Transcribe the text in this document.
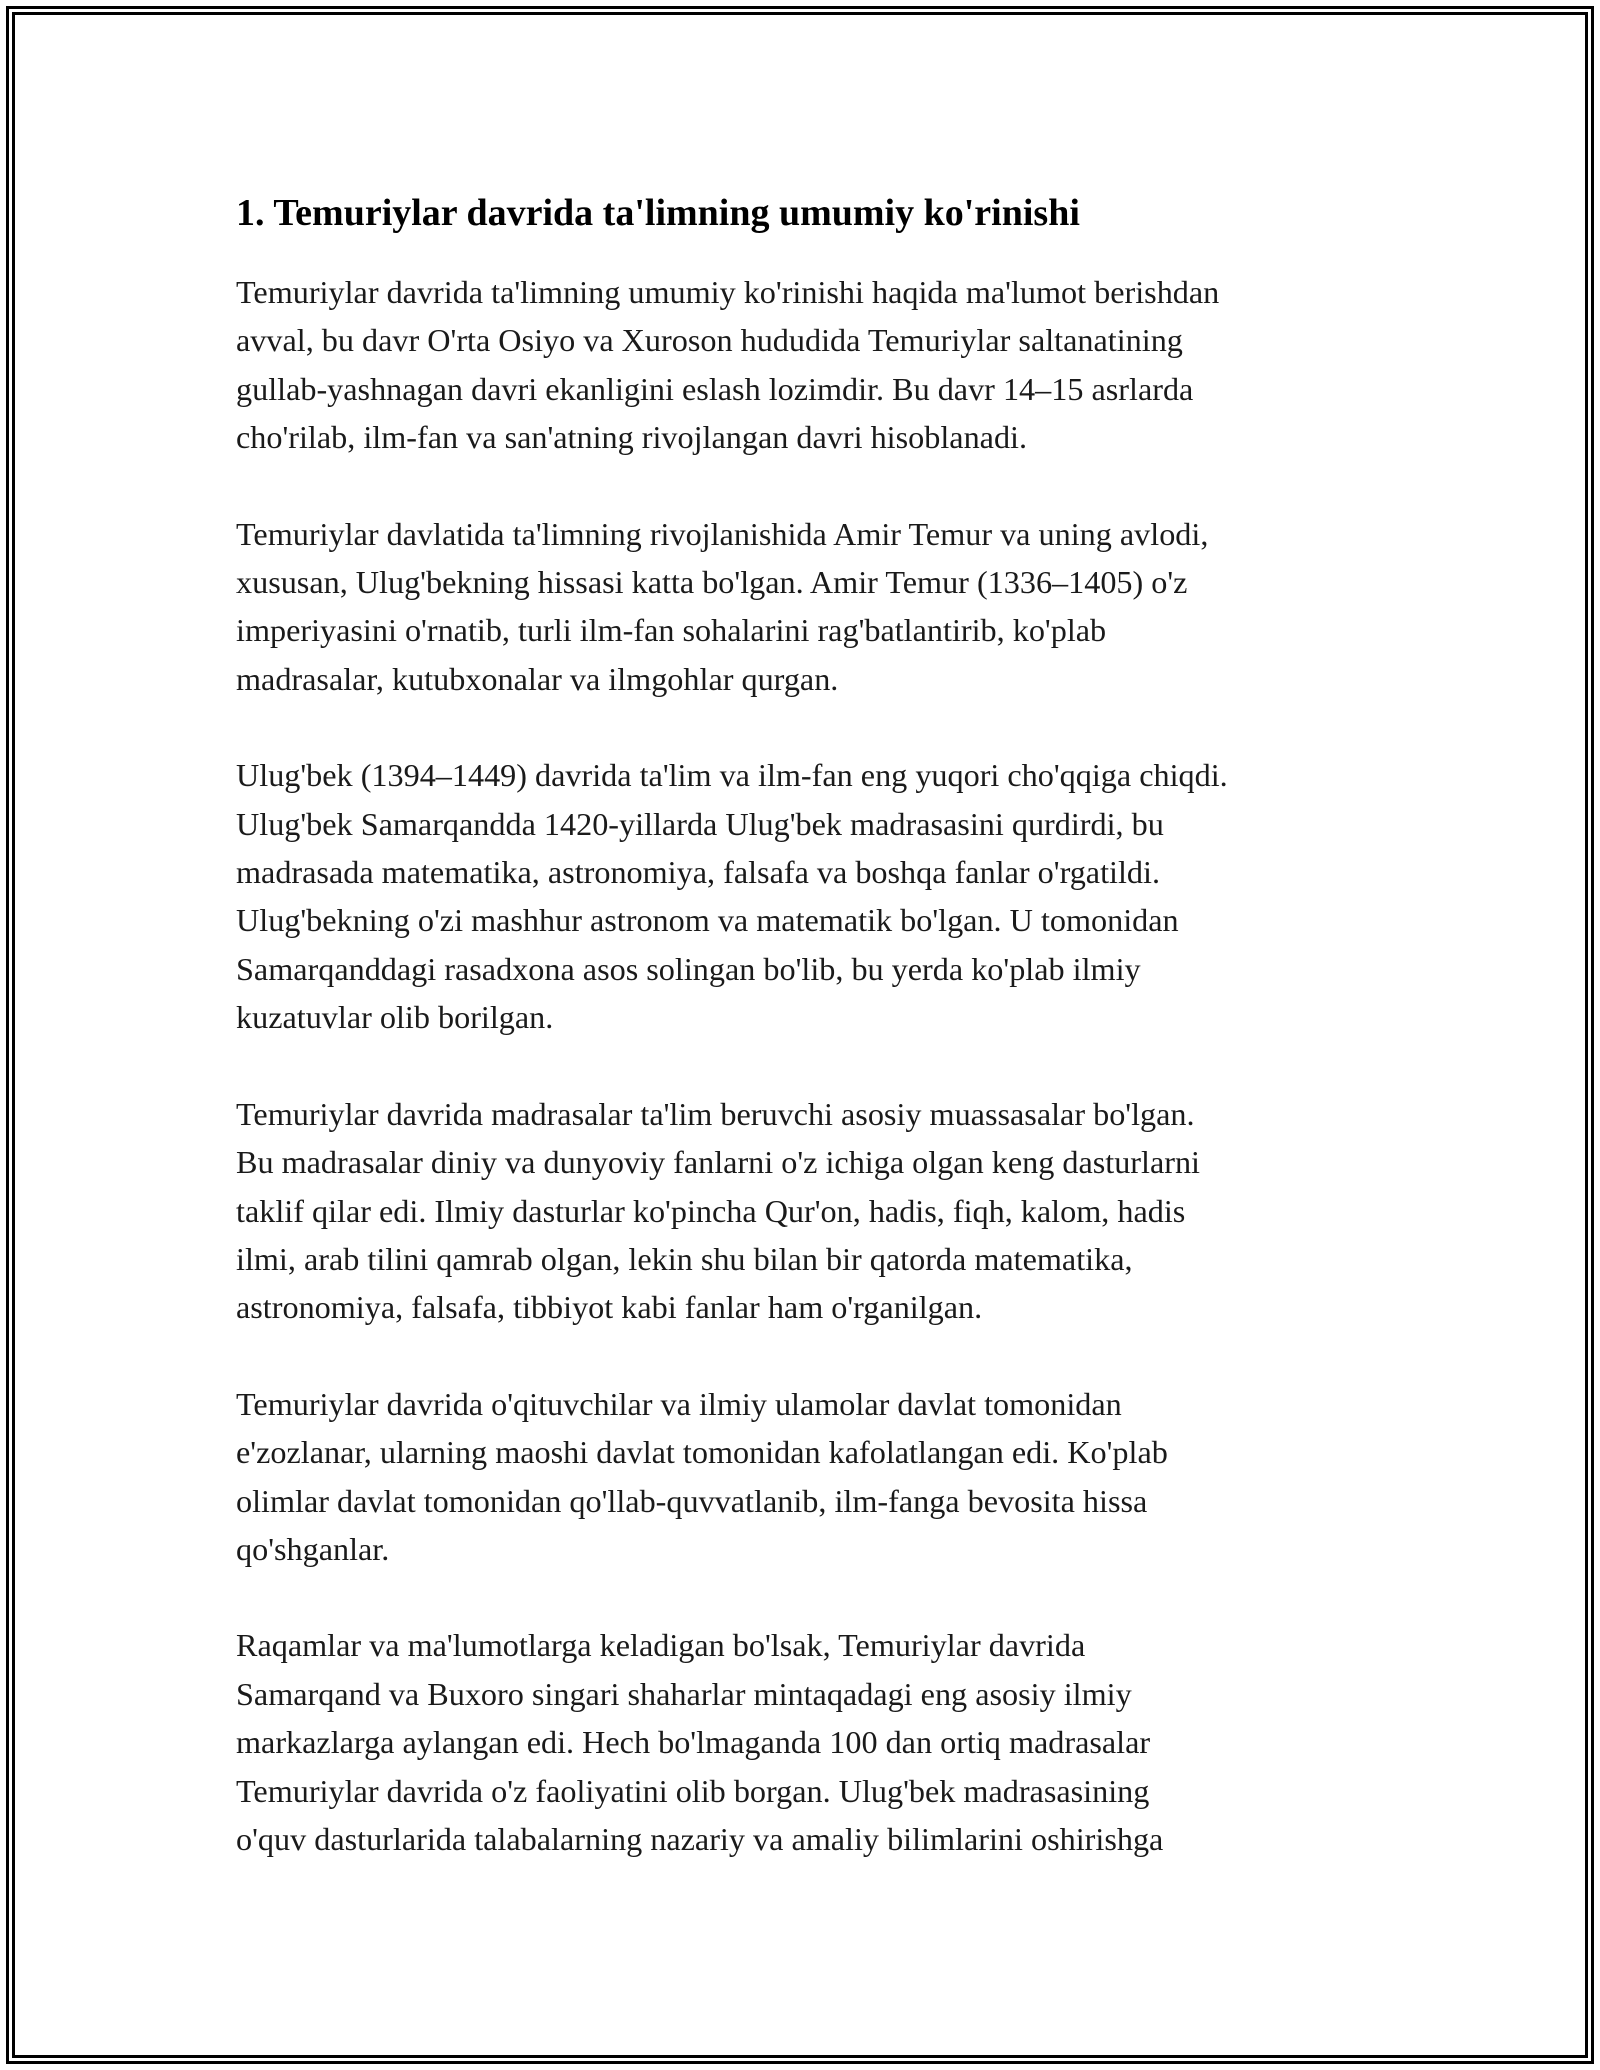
1. Temuriylar davrida ta'limning umumiy ko'rinishi

Temuriylar davrida ta'limning umumiy ko'rinishi haqida ma'lumot berishdan
avval, bu davr O'rta Osiyo va Xuroson hududida Temuriylar saltanatining
gullab-yashnagan davri ekanligini eslash lozimdir. Bu davr 14–15 asrlarda
cho'rilab, ilm-fan va san'atning rivojlangan davri hisoblanadi.

Temuriylar davlatida ta'limning rivojlanishida Amir Temur va uning avlodi,
xususan, Ulug'bekning hissasi katta bo'lgan. Amir Temur (1336–1405) o'z
imperiyasini o'rnatib, turli ilm-fan sohalarini rag'batlantirib, ko'plab
madrasalar, kutubxonalar va ilmgohlar qurgan.

Ulug'bek (1394–1449) davrida ta'lim va ilm-fan eng yuqori cho'qqiga chiqdi.
Ulug'bek Samarqandda 1420-yillarda Ulug'bek madrasasini qurdirdi, bu
madrasada matematika, astronomiya, falsafa va boshqa fanlar o'rgatildi.
Ulug'bekning o'zi mashhur astronom va matematik bo'lgan. U tomonidan
Samarqanddagi rasadxona asos solingan bo'lib, bu yerda ko'plab ilmiy
kuzatuvlar olib borilgan.

Temuriylar davrida madrasalar ta'lim beruvchi asosiy muassasalar bo'lgan.
Bu madrasalar diniy va dunyoviy fanlarni o'z ichiga olgan keng dasturlarni
taklif qilar edi. Ilmiy dasturlar ko'pincha Qur'on, hadis, fiqh, kalom, hadis
ilmi, arab tilini qamrab olgan, lekin shu bilan bir qatorda matematika,
astronomiya, falsafa, tibbiyot kabi fanlar ham o'rganilgan.

Temuriylar davrida o'qituvchilar va ilmiy ulamolar davlat tomonidan
e'zozlanar, ularning maoshi davlat tomonidan kafolatlangan edi. Ko'plab
olimlar davlat tomonidan qo'llab-quvvatlanib, ilm-fanga bevosita hissa
qo'shganlar.

Raqamlar va ma'lumotlarga keladigan bo'lsak, Temuriylar davrida
Samarqand va Buxoro singari shaharlar mintaqadagi eng asosiy ilmiy
markazlarga aylangan edi. Hech bo'lmaganda 100 dan ortiq madrasalar
Temuriylar davrida o'z faoliyatini olib borgan. Ulug'bek madrasasining
o'quv dasturlarida talabalarning nazariy va amaliy bilimlarini oshirishga
